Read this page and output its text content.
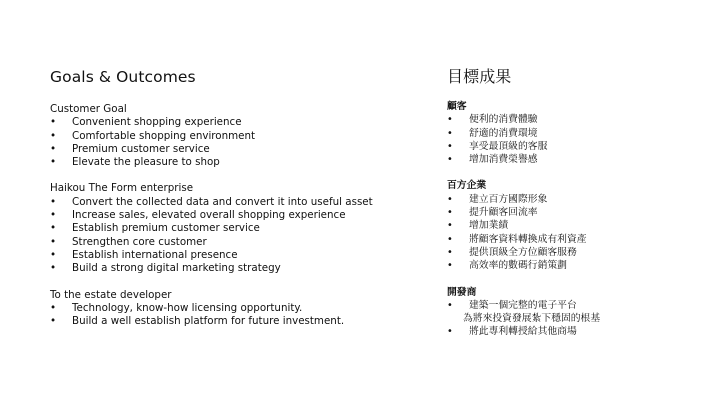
Goals & Outcomes
Customer Goal
• Convenient shopping experience
• Comfortable shopping environment
• Premium customer service
• Elevate the pleasure to shop
Haikou The Form enterprise
• Convert the collected data and convert it into useful asset
• Increase sales, elevated overall shopping experience
• Establish premium customer service
• Strengthen core customer
• Establish international presence
• Build a strong digital marketing strategy
To the estate developer
• Technology, know-how licensing opportunity.
• Build a well establish platform for future investment.
目標成果
顧客
• 便利的消費體驗
• 舒適的消費環境
• 享受最頂級的客服
• 增加消費榮譽感
百方企業
• 建立百方國際形象
• 提升顧客回流率
• 增加業績
• 將顧客資料轉換成有利資產
• 提供頂級全方位顧客服務
• 高效率的數碼行銷策劃
開發商
• 建築一個完整的電子平台
為將來投資發展紮下穩固的根基
• 將此專利轉授給其他商場
